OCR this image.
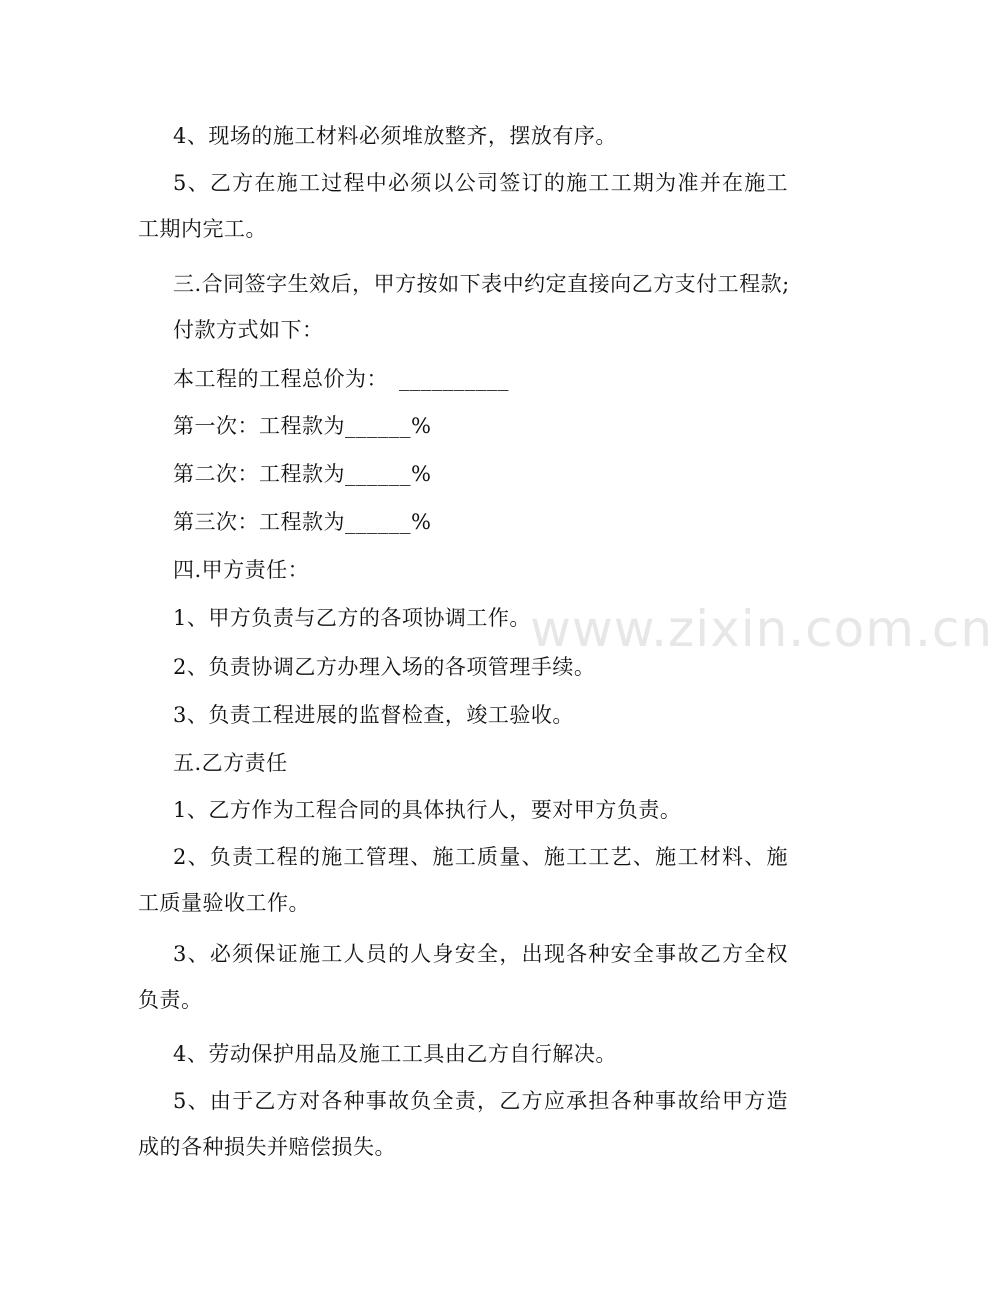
4、现场的施工材料必须堆放整齐，摆放有序。
5、乙方在施工过程中必须以公司签订的施工工期为准并在施工工期内完工。
三.合同签字生效后，甲方按如下表中约定直接向乙方支付工程款;
付款方式如下：
本工程的工程总价为：　__________
第一次：工程款为______%
第二次：工程款为______%
第三次：工程款为______%
四.甲方责任：
1、甲方负责与乙方的各项协调工作。
2、负责协调乙方办理入场的各项管理手续。
3、负责工程进展的监督检查，竣工验收。
五.乙方责任
1、乙方作为工程合同的具体执行人，要对甲方负责。
2、负责工程的施工管理、施工质量、施工工艺、施工材料、施工质量验收工作。
3、必须保证施工人员的人身安全，出现各种安全事故乙方全权负责。
4、劳动保护用品及施工工具由乙方自行解决。
5、由于乙方对各种事故负全责，乙方应承担各种事故给甲方造成的各种损失并赔偿损失。
www.zixin.com.cn
